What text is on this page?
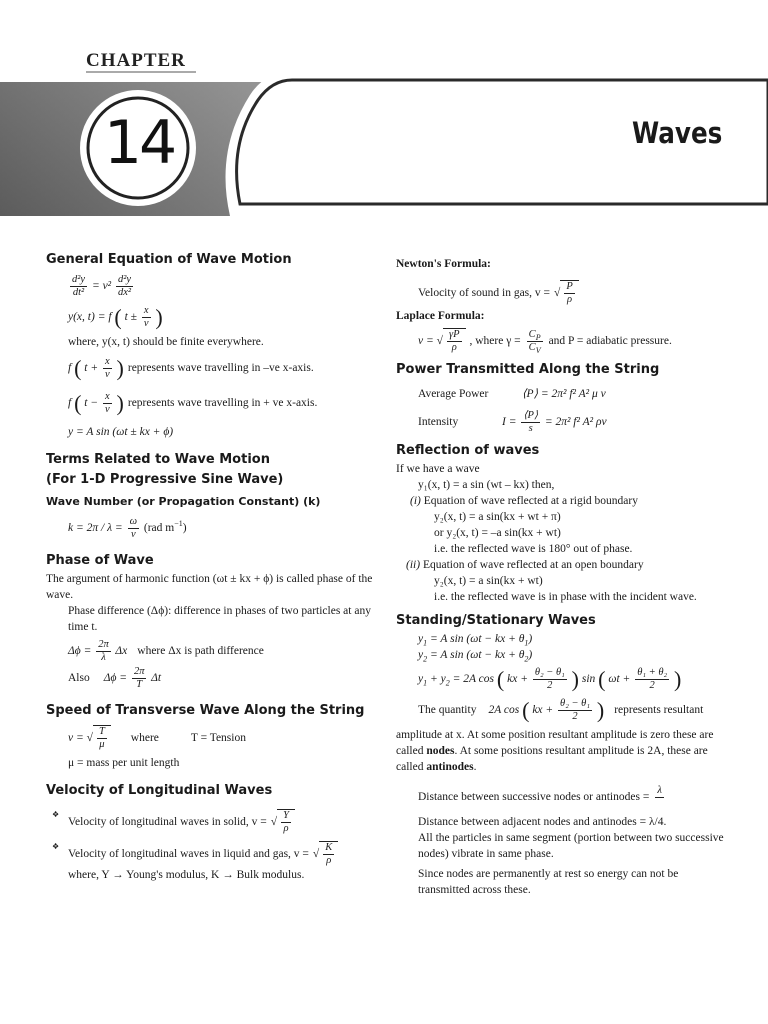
CHAPTER
14	Waves
General Equation of Wave Motion
$\frac{\text{d²y}}{\text{dt²}} = v^2 \frac{\text{d²y}}{\text{dx²}}$
y(x, t) = f ( $t \pm \frac{x}{v}$ )

where, y(x, t) should be finite everywhere.

f ( $t + \frac{x}{v}$ ) represents wave travelling in –ve x-axis.
f ( $t - \frac{x}{v}$ ) represents wave travelling in + ve x-axis.

y = A sin (ωt ± kx + ϕ)

Terms Related to Wave Motion
(For 1-D Progressive Sine Wave)
Wave Number (or Propagation Constant) (k)
$k = 2\pi / \lambda = \frac{\omega}{v} (rad$ $m^{-1}$)
Phase of Wave

The argument of harmonic function (ωt ± kx + ϕ) is called phase of the wave.

Phase difference (Δϕ): difference in phases of two particles at any time t.

$\Delta\phi = \frac{2\pi}{\lambda}$ Δx where Δx is path difference
Also $\Delta\phi = \frac{2\pi}{T}$ Δt
Speed of Transverse Wave Along the String
v = √ $\frac{T}{\mu}$ where	T = Tension

μ = mass per unit length

Velocity of Longitudinal Waves
❖ Velocity of longitudinal waves in solid, v = √ $\frac{Y}{\rho}$
❖ Velocity of longitudinal waves in liquid and gas, v = √ $\frac{K}{\rho}$

where, Y → Young's modulus, K → Bulk modulus.

Newton's Formula:
Velocity of sound in gas, v = √ $\frac{P}{\rho}$
Laplace Formula:
v = √ $\frac{\gamma P}{\rho}$ , where $\gamma = \frac{C_P}{C_V}$ and P = adiabatic pressure.
Power Transmitted Along the String
Average Power	⟨P⟩ = 2π² f² A² μ v
Intensity	$I = \frac{⟨P⟩}{s} = 2\pi^2$ f² A² ρv
Reflection of waves

If we have a wave

y₁(x, t) = a sin (wt – kx) then,

(i) Equation of wave reflected at a rigid boundary

y₂(x, t) = a sin(kx + wt + π)

or y₂(x, t) = –a sin(kx + wt)

i.e. the reflected wave is 180° out of phase.

(ii) Equation of wave reflected at an open boundary

y₂(x, t) = a sin(kx + wt)

i.e. the reflected wave is in phase with the incident wave.

Standing/Stationary Waves

$y_1 = A$ sin (ωt − kx + $\theta_1$)

$y_2 = A$ sin (ωt − kx + $\theta_2$)

$y_1 + y_2 = 2A$ cos ( kx + $\frac{\text{θ₂ − θ₁}}{2}$ ) sin ( $\omega t + \frac{\text{θ₁ + θ₂}}{2}$ )
The quantity 2A cos ( kx + $\frac{\text{θ₂ − θ₁}}{2}$ ) represents resultant

amplitude at x. At some position resultant amplitude is zero these are called nodes. At some positions resultant amplitude is 2A, these are called antinodes.

Distance between successive nodes or antinodes =
λ

Distance between adjacent nodes and antinodes = λ/4.

All the particles in same segment (portion between two successive nodes) vibrate in same phase.

Since nodes are permanently at rest so energy can not be transmitted across these.
